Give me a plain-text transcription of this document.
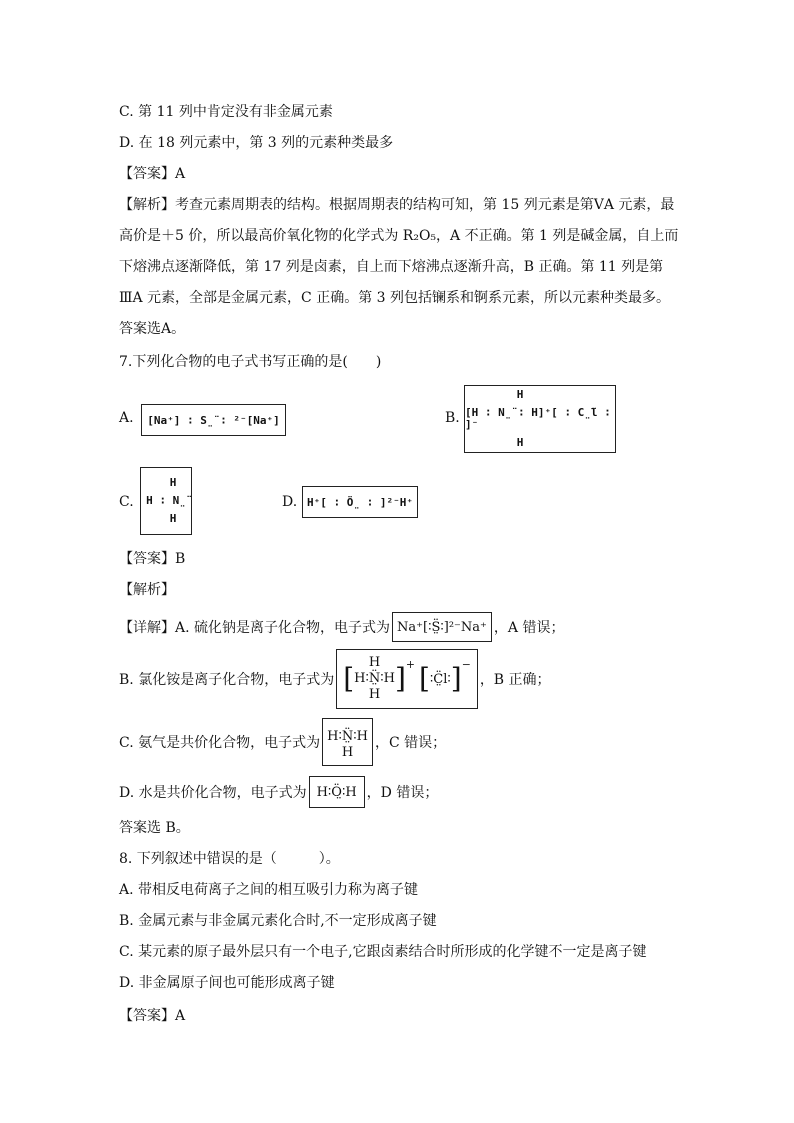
C. 第 11 列中肯定没有非金属元素
D. 在 18 列元素中，第 3 列的元素种类最多
【答案】A
【解析】考查元素周期表的结构。根据周期表的结构可知，第 15 列元素是第ⅤA 元素，最高价是＋5 价，所以最高价氧化物的化学式为 R₂O₅，A 不正确。第 1 列是碱金属，自上而下熔沸点逐渐降低，第 17 列是卤素，自上而下熔沸点逐渐升高，B 正确。第 11 列是第ⅢA 元素，全部是金属元素，C 正确。第 3 列包括镧系和锕系元素，所以元素种类最多。答案选A。
7.下列化合物的电子式书写正确的是(　　)
A.	[Na⁺] ∶ S̤̈ ∶ ²⁻[Na⁺]	B.
H
[H ∶ N̤̈ ∶ H]⁺[ ∶ C̤̈l ∶ ]⁻
H
C.
H
H ∶ N̤̈
H
D. H⁺[ ∶ Ö̤ ∶ ]²⁻H⁺
【答案】B
【解析】
【详解】A. 硫化钠是离子化合物，电子式为 Na⁺[∶S̤̈∶]²⁻Na⁺ ，A 错误；
B. 氯化铵是离子化合物，电子式为 [ H
H∶N̤̈∶H
H ]+ [ ∶C̤̈l∶ ]−
，B 正确；
C. 氨气是共价化合物，电子式为 H∶N̤̈∶H
H
，C 错误；
D. 水是共价化合物，电子式为 H∶Ö̤∶H ，D 错误；
答案选 B。
8. 下列叙述中错误的是（　　　）。
A. 带相反电荷离子之间的相互吸引力称为离子键
B. 金属元素与非金属元素化合时,不一定形成离子键
C. 某元素的原子最外层只有一个电子,它跟卤素结合时所形成的化学键不一定是离子键
D. 非金属原子间也可能形成离子键
【答案】A
